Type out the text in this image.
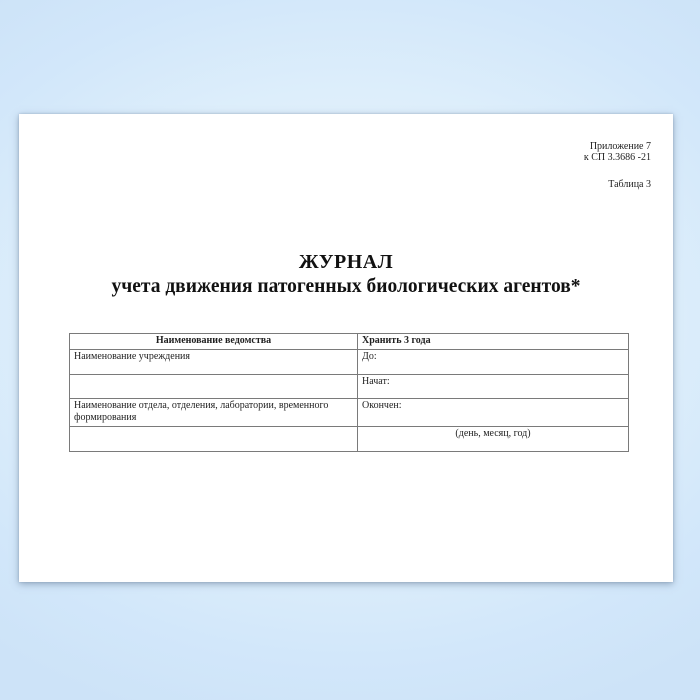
Приложение 7
к СП 3.3686 -21
Таблица 3
ЖУРНАЛ
учета движения патогенных биологических агентов*
Наименование ведомства	Хранить 3 года
Наименование учреждения	До:
	Начат:
Наименование отдела, отделения, лаборатории, временного формирования	Окончен:
	(день, месяц, год)
